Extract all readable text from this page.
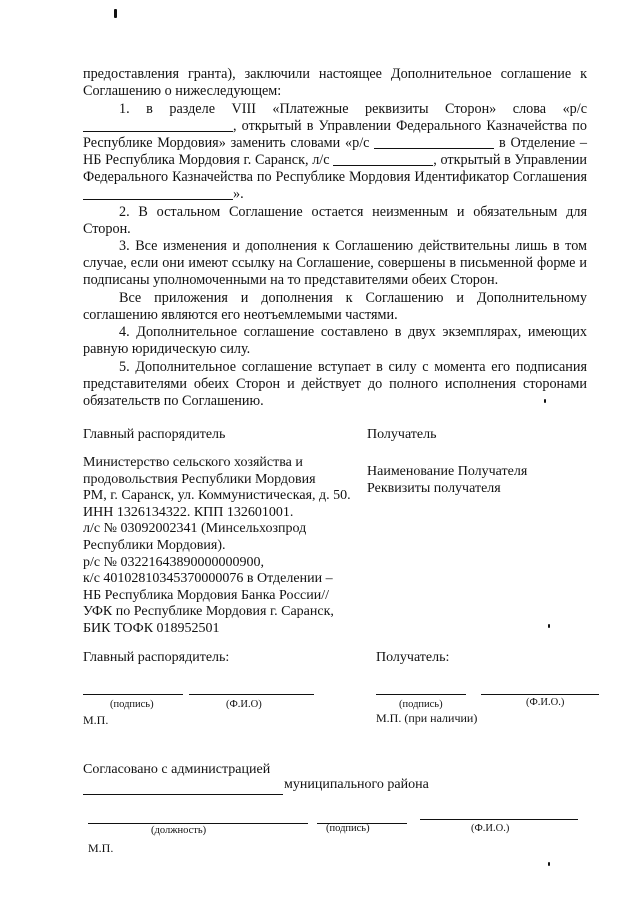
предоставления гранта), заключили настоящее Дополнительное соглашение к Соглашению о нижеследующем:
1. в разделе VIII «Платежные реквизиты Сторон» слова «р/с , открытый в Управлении Федерального Казначейства по Республике Мордовия» заменить словами «р/с	в Отделение – НБ Республика Мордовия г. Саранск, л/с	, открытый в Управлении Федерального Казначейства по Республике Мордовия Идентификатор Соглашения ».
2. В остальном Соглашение остается неизменным и обязательным для Сторон.
3. Все изменения и дополнения к Соглашению действительны лишь в том случае, если они имеют ссылку на Соглашение, совершены в письменной форме и подписаны уполномоченными на то представителями обеих Сторон.
Все приложения и дополнения к Соглашению и Дополнительному соглашению являются его неотъемлемыми частями.
4. Дополнительное соглашение составлено в двух экземплярах, имеющих равную юридическую силу.
5. Дополнительное соглашение вступает в силу с момента его подписания представителями обеих Сторон и действует до полного исполнения сторонами обязательств по Соглашению.
Главный распорядитель	Получатель
Министерство сельского хозяйства и
продовольствия Республики Мордовия
РМ, г. Саранск, ул. Коммунистическая, д. 50.
ИНН 1326134322. КПП 132601001.
л/с № 03092002341 (Минсельхозпрод
Республики Мордовия).
р/с № 03221643890000000900,
к/с 40102810345370000076 в Отделении –
НБ Республика Мордовия Банка России//
УФК по Республике Мордовия г. Саранск,
БИК ТОФК 018952501
Наименование Получателя
Реквизиты получателя
Главный распорядитель:	Получатель:
(подпись)	(Ф.И.О)	(подпись)	(Ф.И.О.)
М.П.	М.П. (при наличии)
Согласовано с администрацией
муниципального района
(должность)	(подпись)	(Ф.И.О.)
М.П.
